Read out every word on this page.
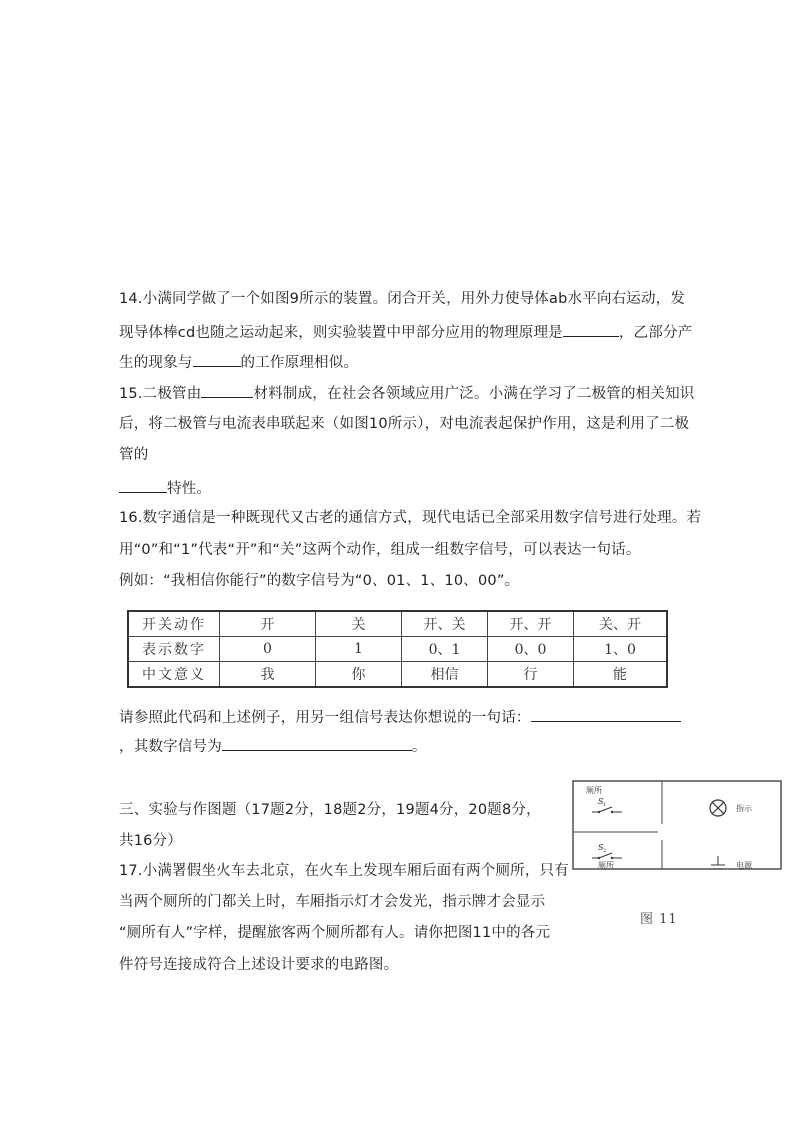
14.小满同学做了一个如图9所示的装置。闭合开关，用外力使导体ab水平向右运动，发
现导体棒cd也随之运动起来，则实验装置中甲部分应用的物理原理是	，乙部分产
生的现象与	的工作原理相似。
15.二极管由	材料制成，在社会各领域应用广泛。小满在学习了二极管的相关知识
后，将二极管与电流表串联起来（如图10所示），对电流表起保护作用，这是利用了二极
管的
特性。
16.数字通信是一种既现代又古老的通信方式，现代电话已全部采用数字信号进行处理。若
用“0”和“1”代表“开”和“关”这两个动作，组成一组数字信号，可以表达一句话。
例如：“我相信你能行”的数字信号为“0、01、1、10、00”。
开关动作	开	关	开、关	开、开	关、开
表示数字	0	1	0、1	0、0	1、0
中文意义	我	你	相信	行	能
请参照此代码和上述例子，用另一组信号表达你想说的一句话：
，其数字信号为	。
三、实验与作图题（17题2分，18题2分，19题4分，20题8分，
共16分）
17.小满署假坐火车去北京，在火车上发现车厢后面有两个厕所，只有
当两个厕所的门都关上时，车厢指示灯才会发光，指示牌才会显示
“厕所有人”字样，提醒旅客两个厕所都有人。请你把图11中的各元
件符号连接成符合上述设计要求的电路图。
厕所
S 1
S 2
厕所
指示
电源
图 11
